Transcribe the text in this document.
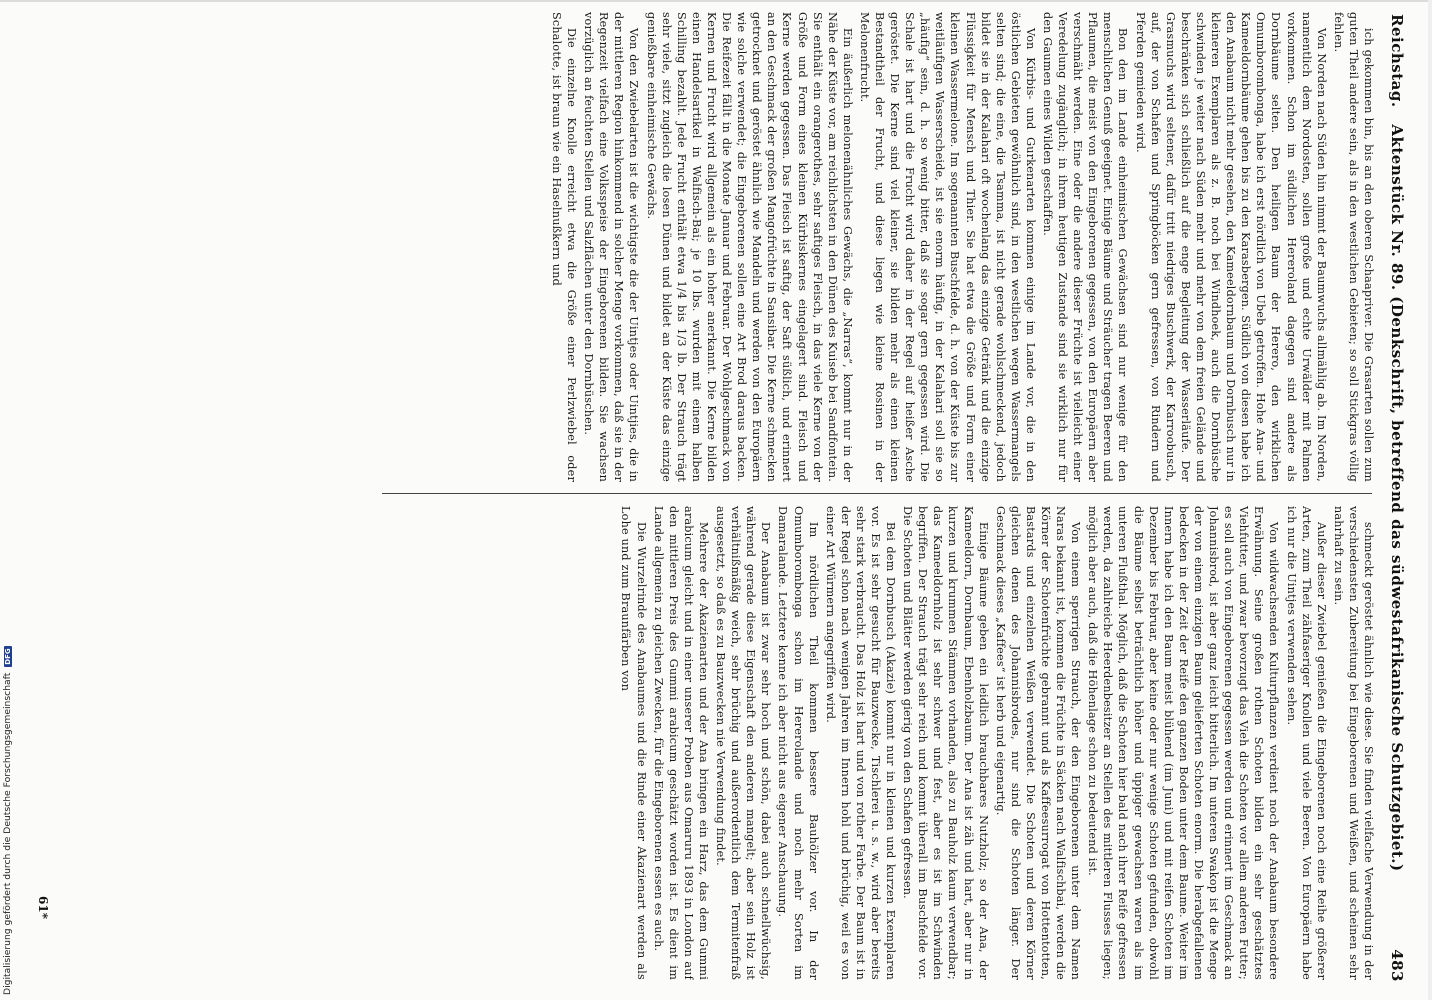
Digitalisierung gefördert durch die Deutsche Forschungsgemeinschaft DFG
Reichstag.
Aktenstück Nr. 89. (Denkschrift, betreffend das südwestafrikanische Schutzgebiet.)
483

ich gekommen bin, bis an den oberen Schaapriver. Die Grasarten sollen zum guten Theil andere sein, als in den westlichen Gebieten; so soll Stickgras völlig fehlen.

Von Norden nach Süden hin nimmt der Baumwuchs allmählig ab. Im Norden, namentlich dem Nordosten, sollen große und echte Urwälder mit Palmen vorkommen. Schon im südlichen Hereroland dagegen sind andere als Dornbäume selten. Den heiligen Baum der Herero, den wirklichen Omumborombonga, habe ich erst nördlich von Ubeb getroffen. Hohe Ana- und Kameeldornbäume gehen bis zu den Karasbergen. Südlich von diesen habe ich den Anabaum nicht mehr gesehen, den Kameeldornbaum und Dornbusch nur in kleineren Exemplaren als z. B. noch bei Windhoek, auch die Dornbüsche schwinden je weiter nach Süden mehr und mehr von dem freien Gelände und beschränken sich schließlich auf die enge Begleitung der Wasserläufe. Der Grasmuchs wird seltener, dafür tritt niedriges Buschwerk, der Karroobusch, auf, der von Schafen und Springböcken gern gefressen, von Rindern und Pferden gemieden wird.

Bon den im Lande einheimischen Gewächsen sind nur wenige für den menschlichen Genuß geeignet. Einige Bäume und Sträucher tragen Beeren und Pflaumen, die meist von den Eingeborenen gegessen, von den Europäern aber verschmäht werden. Eine oder die andere dieser Früchte ist vielleicht einer Veredelung zugänglich; in ihrem heutigen Zustande sind sie wirklich nur für den Gaumen eines Wilden geschaffen.

Von Kürbis- und Gurkenarten kommen einige im Lande vor, die in den östlichen Gebieten gewöhnlich sind, in den westlichen wegen Wassermangels selten sind; die eine, die Tsamma, ist nicht gerade wohlschmeckend, jedoch bildet sie in der Kalahari oft wochenlang das einzige Getränk und die einzige Flüssigkeit für Mensch und Thier. Sie hat etwa die Größe und Form einer kleinen Wassermelone. Im sogenannten Buschfelde, d. h. von der Küste bis zur weitläufigen Wasserscheide, ist sie enorm häufig, in der Kalahari soll sie so „häufig“ sein, d. h. so wenig bitter, daß sie sogar gern gegessen wird. Die Schale ist hart und die Frucht wird daher in der Regel auf heißer Asche geröstet. Die Kerne sind viel kleiner, sie bilden mehr als einen kleinen Bestandtheil der Frucht, und diese liegen wie kleine Rosinen in der Melonenfrucht.

Ein äußerlich melonenähnliches Gewächs, die „Narras“, kommt nur in der Nähe der Küste vor, am reichlichsten in den Dünen des Kuiseb bei Sandfontein. Sie enthält ein orangerothes, sehr saftiges Fleisch, in das viele Kerne von der Größe und Form eines kleinen Kürbiskernes eingelagert sind. Fleisch und Kerne werden gegessen. Das Fleisch ist saftig, der Saft süßlich, und erinnert an den Geschmack der großen Mangofrüchte in Sansibar. Die Kerne schmecken getrocknet und geröstet ähnlich wie Mandeln und werden von den Europäern wie solche verwendet; die Eingeborenen sollen eine Art Brod daraus backen. Die Reifezeit fällt in die Monate Januar und Februar. Der Wohlgeschmack von Kernen und Frucht wird allgemein als ein hoher anerkannt. Die Kerne bilden einen Handelsartikel in Walfisch-Bai; je 10 lbs. wurden mit einem halben Schilling bezahlt. Jede Frucht enthält etwa 1/4 bis 1/3 lb. Der Strauch trägt sehr viele, sitzt zugleich die losen Dünen und bildet an der Küste das einzige genießbare einheimische Gewächs.

Von den Zwiebelarten ist die wichtigste die der Uintjes oder Uintjies, die in der mittleren Region hinkommend in solcher Menge vorkommen, daß sie in der Regenzeit vielfach eine Volksspeise der Eingeborenen bilden. Sie wachsen vorzüglich an feuchten Stellen und Salzflächen unter den Dornbüschen.

Die einzelne Knolle erreicht etwa die Größe einer Perlzwiebel oder Schalotte, ist braun wie ein Haselnußkern und

schmeckt geröstet ähnlich wie diese. Sie finden vielfache Verwendung in der verschiedensten Zubereitung bei Eingeborenen und Weißen, und scheinen sehr nahrhaft zu sein.

Außer dieser Zwiebel genießen die Eingeborenen noch eine Reihe größerer Arten, zum Theil zähfaseriger Knollen und viele Beeren. Von Europäern habe ich nur die Uintjes verwenden sehen.

Von wildwachsenden Kulturpflanzen verdient noch der Anabaum besondere Erwähnung. Seine großen rothen Schoten bilden ein sehr geschätztes Viehfutter, und zwar bevorzugt das Vieh die Schoten vor allem anderen Futter; es soll auch von Eingeborenen gegessen werden und erinnert im Geschmack an Johannisbrod, ist aber ganz leicht bitterlich. Im unteren Swakop ist die Menge der von einem einzigen Baum gelieferten Schoten enorm. Die herabgefallenen bedecken in der Zeit der Reife den ganzen Boden unter dem Baume. Weiter im Innern habe ich den Baum meist blühend (im Juni) und mit reifen Schoten im Dezember bis Februar, aber keine oder nur wenige Schoten gefunden, obwohl die Bäume selbst beträchtlich höher und üppiger gewachsen waren als im unteren Flußthal. Möglich, daß die Schoten hier bald nach ihrer Reife gefressen werden, da zahlreiche Heerdenbesitzer an Stellen des mittleren Flusses liegen; möglich aber auch, daß die Höhenlage schon zu bedeutend ist.

Von einem sperrigen Strauch, der den Eingeborenen unter dem Namen Naras bekannt ist, kommen die Früchte in Säcken nach Walfischbai, werden die Körner der Schotenfrüchte gebrannt und als Kaffeesurrogat von Hottentotten, Bastards und einzelnen Weißen verwendet. Die Schoten und deren Körner gleichen denen des Johannisbrodes, nur sind die Schoten länger. Der Geschmack dieses „Kaffees“ ist herb und eigenartig.

Einige Bäume geben ein leidlich brauchbares Nutzholz; so der Ana, der Kameeldorn, Dornbaum, Ebenholzbaum. Der Ana ist zäh und hart, aber nur in kurzen und krummen Stämmen vorhanden, also zu Bauholz kaum verwendbar; das Kameeldornholz ist sehr schwer und fest, aber es ist im Schwinden begriffen. Der Strauch trägt sehr reich und kommt überall im Buschfelde vor. Die Schoten und Blätter werden gierig von den Schafen gefressen.

Bei dem Dornbusch (Akazie) kommt nur in kleinen und kurzen Exemplaren vor. Es ist sehr gesucht für Bauzwecke, Tischlerei u. s. w., wird aber bereits sehr stark verbraucht. Das Holz ist hart und von rother Farbe. Der Baum ist in der Regel schon nach wenigen Jahren im Innern hohl und brüchig, weil es von einer Art Würmern angegriffen wird.

Im nördlichen Theil kommen bessere Bauhölzer vor. In der Omumborombonga schon im Hererolande und noch mehr Sorten im Damaralande. Letztere kenne ich aber nicht aus eigener Anschauung.

Der Anabaum ist zwar sehr hoch und schön, dabei auch schnellwüchsig, während gerade diese Eigenschaft den anderen mangelt; aber sein Holz ist verhältnißmäßig weich, sehr brüchig und außerordentlich dem Termitenfraß ausgesetzt, so daß es zu Bauzwecken nie Verwendung findet.

Mehrere der Akazienarten und der Ana bringen ein Harz, das dem Gummi arabicum gleicht und in einer unserer Proben aus Omaruru 1893 in London auf den mittleren Preis des Gummi arabicum geschätzt worden ist. Es dient im Lande allgemein zu gleichen Zwecken, für die Eingeborenen essen es auch.

Die Wurzelrinde des Anabaumes und die Rinde einer Akazienart werden als Lohe und zum Braunfärben von

61*
